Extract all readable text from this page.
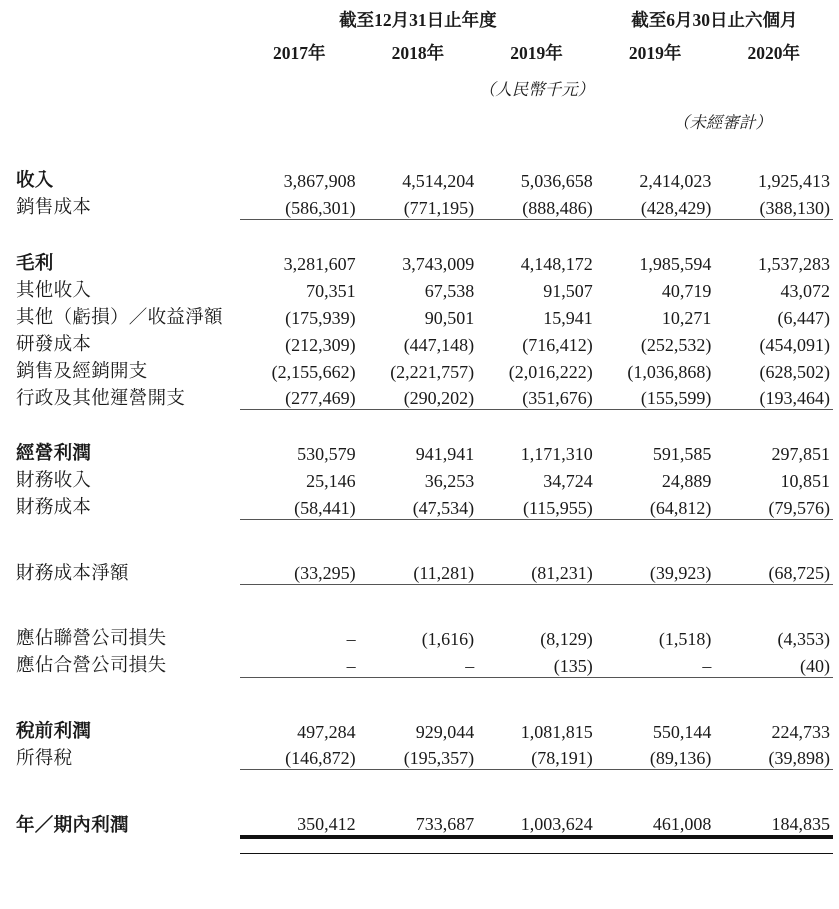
	截至12月31日止年度			截至6月30日止六個月	
	2017年	2018年	2019年	2019年	2020年
			（人民幣千元）		
				（未經審計）	

收入	3,867,908	4,514,204	5,036,658	2,414,023	1,925,413
銷售成本	(586,301)	(771,195)	(888,486)	(428,429)	(388,130)

毛利	3,281,607	3,743,009	4,148,172	1,985,594	1,537,283
其他收入	70,351	67,538	91,507	40,719	43,072
其他（虧損）／收益淨額	(175,939)	90,501	15,941	10,271	(6,447)
研發成本	(212,309)	(447,148)	(716,412)	(252,532)	(454,091)
銷售及經銷開支	(2,155,662)	(2,221,757)	(2,016,222)	(1,036,868)	(628,502)
行政及其他運營開支	(277,469)	(290,202)	(351,676)	(155,599)	(193,464)

經營利潤	530,579	941,941	1,171,310	591,585	297,851
財務收入	25,146	36,253	34,724	24,889	10,851
財務成本	(58,441)	(47,534)	(115,955)	(64,812)	(79,576)

財務成本淨額	(33,295)	(11,281)	(81,231)	(39,923)	(68,725)

應佔聯營公司損失	–	(1,616)	(8,129)	(1,518)	(4,353)
應佔合營公司損失	–	–	(135)	–	(40)

稅前利潤	497,284	929,044	1,081,815	550,144	224,733
所得稅	(146,872)	(195,357)	(78,191)	(89,136)	(39,898)

年／期內利潤	350,412	733,687	1,003,624	461,008	184,835
